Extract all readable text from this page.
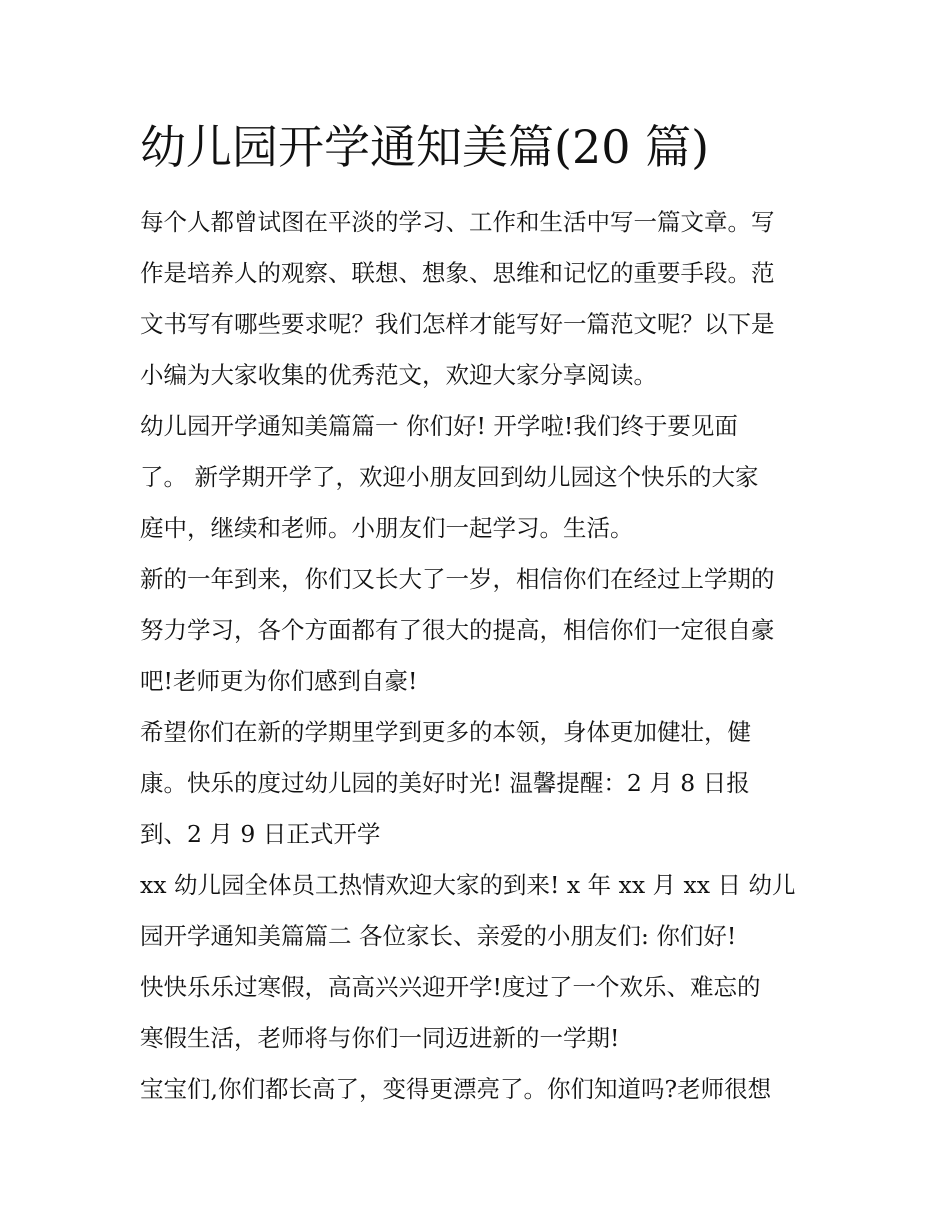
幼儿园开学通知美篇(20 篇)
每个人都曾试图在平淡的学习、工作和生活中写一篇文章。写
作是培养人的观察、联想、想象、思维和记忆的重要手段。范
文书写有哪些要求呢？我们怎样才能写好一篇范文呢？以下是
小编为大家收集的优秀范文，欢迎大家分享阅读。
幼儿园开学通知美篇篇一 你们好! 开学啦!我们终于要见面
了。 新学期开学了，欢迎小朋友回到幼儿园这个快乐的大家
庭中，继续和老师。小朋友们一起学习。生活。
新的一年到来，你们又长大了一岁，相信你们在经过上学期的
努力学习，各个方面都有了很大的提高，相信你们一定很自豪
吧!老师更为你们感到自豪!
希望你们在新的学期里学到更多的本领，身体更加健壮，健
康。快乐的度过幼儿园的美好时光! 温馨提醒：2 月 8 日报
到、2 月 9 日正式开学
xx 幼儿园全体员工热情欢迎大家的到来! x 年 xx 月 xx 日 幼儿
园开学通知美篇篇二 各位家长、亲爱的小朋友们: 你们好!
快快乐乐过寒假，高高兴兴迎开学!度过了一个欢乐、难忘的
寒假生活，老师将与你们一同迈进新的一学期!
宝宝们,你们都长高了，变得更漂亮了。你们知道吗?老师很想
